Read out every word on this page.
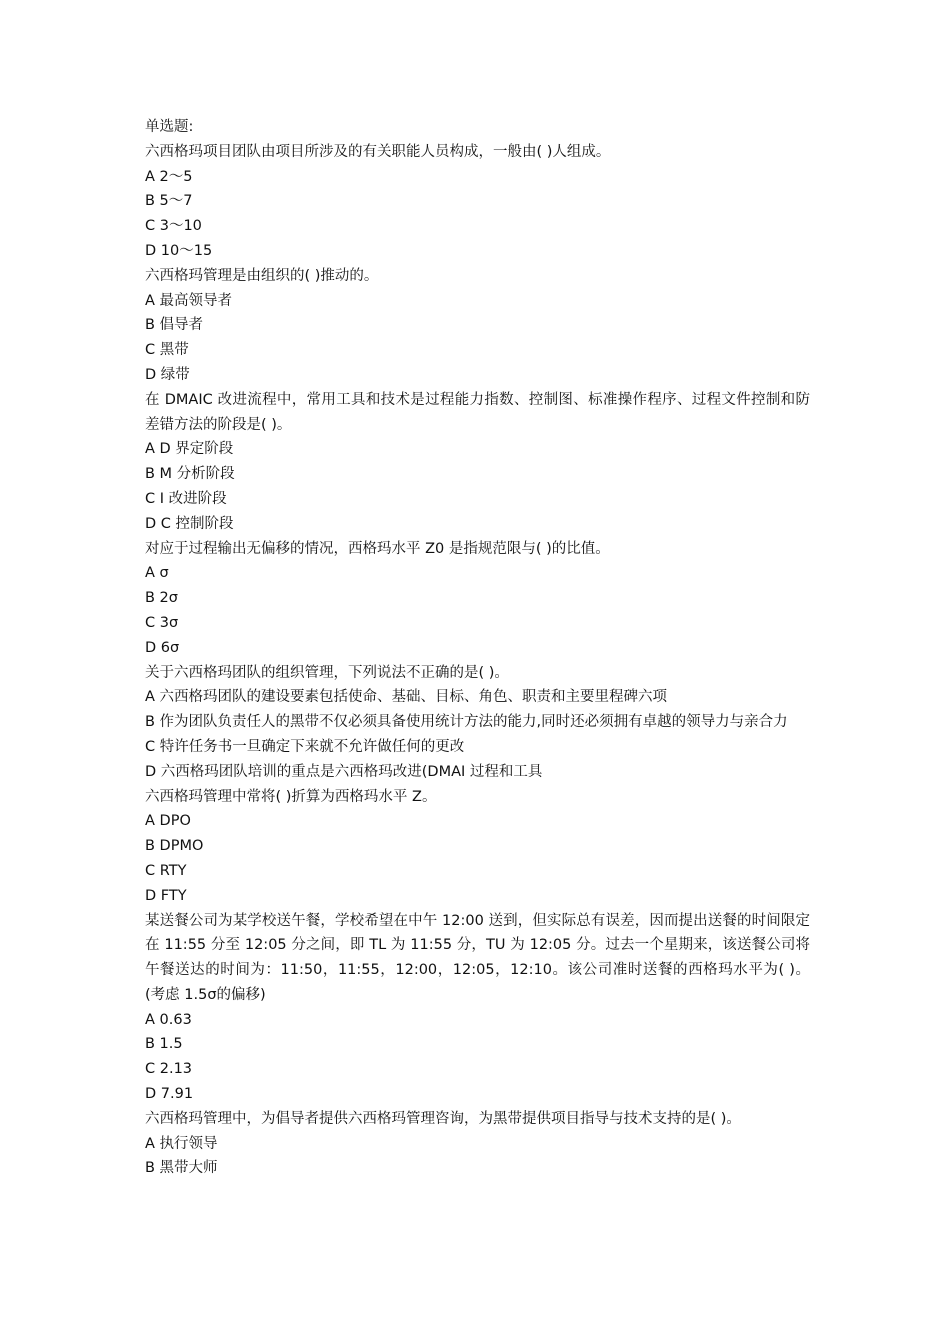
单选题:

六西格玛项目团队由项目所涉及的有关职能人员构成，一般由( )人组成。

A 2～5

B 5～7

C 3～10

D 10～15

六西格玛管理是由组织的( )推动的。

A 最高领导者

B 倡导者

C 黑带

D 绿带

在 DMAIC 改进流程中，常用工具和技术是过程能力指数、控制图、标准操作程序、过程文件控制和防差错方法的阶段是( )。

A D 界定阶段

B M 分析阶段

C I 改进阶段

D C 控制阶段

对应于过程输出无偏移的情况，西格玛水平 Z0 是指规范限与( )的比值。

A σ

B 2σ

C 3σ

D 6σ

关于六西格玛团队的组织管理，下列说法不正确的是( )。

A 六西格玛团队的建设要素包括使命、基础、目标、角色、职责和主要里程碑六项

B 作为团队负责任人的黑带不仅必须具备使用统计方法的能力,同时还必须拥有卓越的领导力与亲合力

C 特许任务书一旦确定下来就不允许做任何的更改

D 六西格玛团队培训的重点是六西格玛改进(DMAI 过程和工具

六西格玛管理中常将( )折算为西格玛水平 Z。

A DPO

B DPMO

C RTY

D FTY

某送餐公司为某学校送午餐，学校希望在中午 12:00 送到，但实际总有误差，因而提出送餐的时间限定在 11:55 分至 12:05 分之间，即 TL 为 11:55 分，TU 为 12:05 分。过去一个星期来，该送餐公司将午餐送达的时间为：11:50，11:55，12:00，12:05，12:10。该公司准时送餐的西格玛水平为( )。(考虑 1.5σ的偏移)

A 0.63

B 1.5

C 2.13

D 7.91

六西格玛管理中，为倡导者提供六西格玛管理咨询，为黑带提供项目指导与技术支持的是( )。

A 执行领导

B 黑带大师
